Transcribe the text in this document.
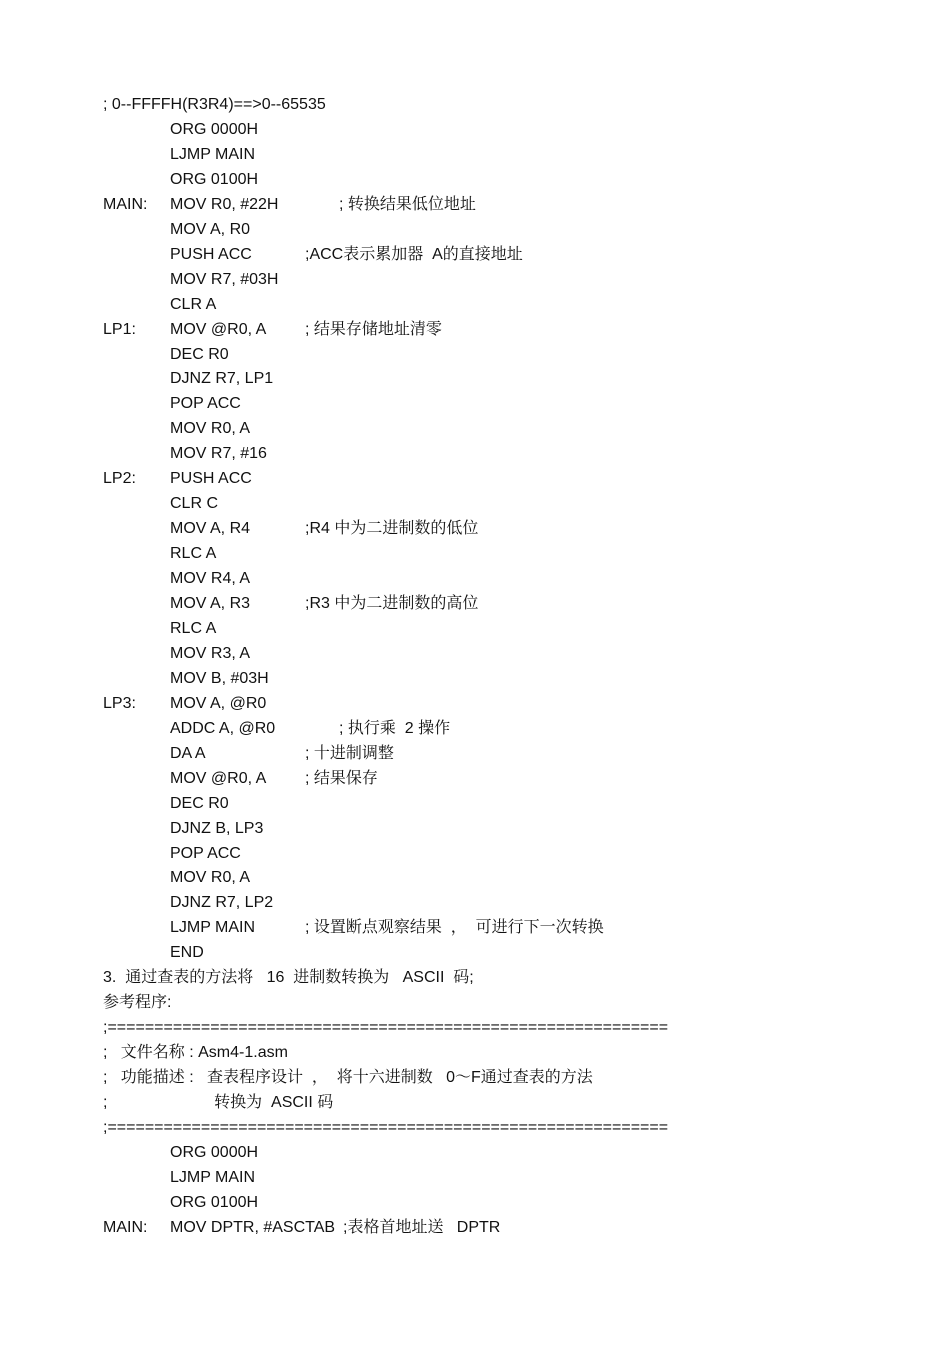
; 0--FFFFH(R3R4)==>0--65535
ORG 0000H
LJMP MAIN
ORG 0100H
MAIN: MOV R0, #22H	; 转换结果低位地址
MOV A, R0
PUSH ACC	;ACC表示累加器  A的直接地址
MOV R7, #03H
CLR A
LP1: MOV @R0, A ; 结果存储地址清零
DEC R0
DJNZ R7, LP1
POP ACC
MOV R0, A
MOV R7, #16
LP2: PUSH ACC
CLR C
MOV A, R4	;R4 中为二进制数的低位
RLC A
MOV R4, A
MOV A, R3	;R3 中为二进制数的高位
RLC A
MOV R3, A
MOV B, #03H
LP3: MOV A, @R0
ADDC A, @R0	; 执行乘  2 操作
DA A	; 十进制调整
MOV @R0, A ; 结果保存
DEC R0
DJNZ B, LP3
POP ACC
MOV R0, A
DJNZ R7, LP2
LJMP MAIN	; 设置断点观察结果  ，  可进行下一次转换
END
3.  通过查表的方法将   16  进制数转换为   ASCII  码;
参考程序:
;============================================================
;   文件名称 : Asm4-1.asm
;   功能描述 :   查表程序设计  ，  将十六进制数   0～F通过查表的方法
;                        转换为  ASCII 码
;============================================================
ORG 0000H
LJMP MAIN
ORG 0100H
MAIN: MOV DPTR, #ASCTAB ;表格首地址送   DPTR
